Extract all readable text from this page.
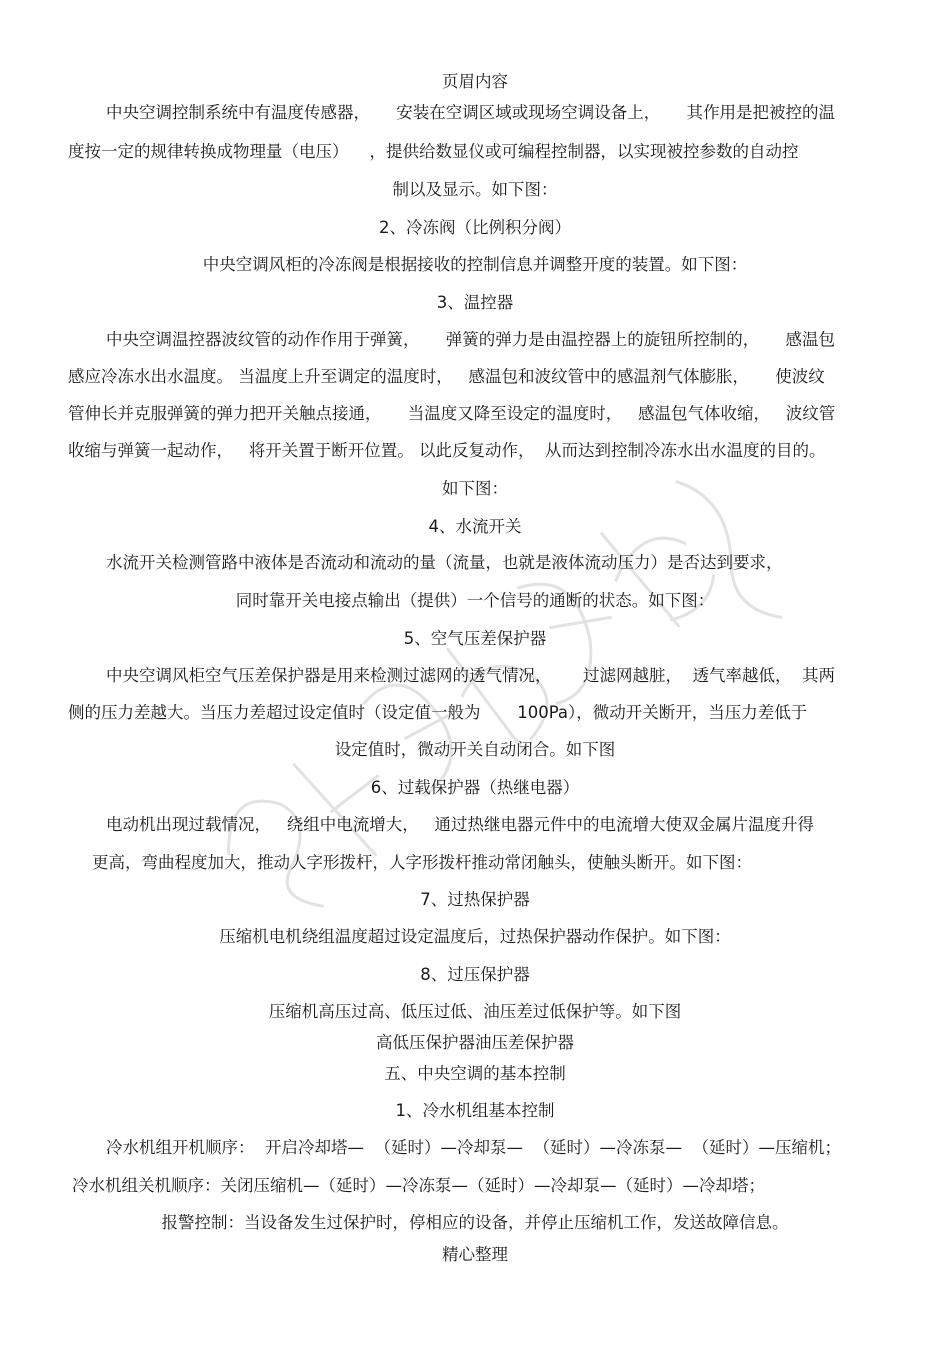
页眉内容
中央空调控制系统中有温度传感器，     安装在空调区域或现场空调设备上，     其作用是把被控的温
度按一定的规律转换成物理量（电压）    ，提供给数显仪或可编程控制器，以实现被控参数的自动控
制以及显示。如下图：
2、冷冻阀（比例积分阀）
中央空调风柜的冷冻阀是根据接收的控制信息并调整开度的装置。如下图：
3、温控器
中央空调温控器波纹管的动作作用于弹簧，     弹簧的弹力是由温控器上的旋钮所控制的，     感温包
感应冷冻水出水温度。 当温度上升至调定的温度时，   感温包和波纹管中的感温剂气体膨胀，     使波纹
管伸长并克服弹簧的弹力把开关触点接通，     当温度又降至设定的温度时，   感温包气体收缩，   波纹管
收缩与弹簧一起动作，   将开关置于断开位置。 以此反复动作，  从而达到控制冷冻水出水温度的目的。
如下图：
4、水流开关
水流开关检测管路中液体是否流动和流动的量（流量，也就是液体流动压力）是否达到要求，
同时靠开关电接点输出（提供）一个信号的通断的状态。如下图：
5、空气压差保护器
中央空调风柜空气压差保护器是用来检测过滤网的透气情况，      过滤网越脏，  透气率越低，  其两
侧的压力差越大。当压力差超过设定值时（设定值一般为       100Pa），微动开关断开，当压力差低于
设定值时，微动开关自动闭合。如下图
6、过载保护器（热继电器）
电动机出现过载情况，   绕组中电流增大，   通过热继电器元件中的电流增大使双金属片温度升得
更高，弯曲程度加大，推动人字形拨杆，人字形拨杆推动常闭触头，使触头断开。如下图：
7、过热保护器
压缩机电机绕组温度超过设定温度后，过热保护器动作保护。如下图：
8、过压保护器
压缩机高压过高、低压过低、油压差过低保护等。如下图
高低压保护器油压差保护器
五、中央空调的基本控制
1、冷水机组基本控制
冷水机组开机顺序：  开启冷却塔—  （延时）—冷却泵—  （延时）—冷冻泵—  （延时）—压缩机；
冷水机组关机顺序：关闭压缩机—（延时）—冷冻泵—（延时）—冷却泵—（延时）—冷却塔；
报警控制：当设备发生过保护时，停相应的设备，并停止压缩机工作，发送故障信息。
精心整理
